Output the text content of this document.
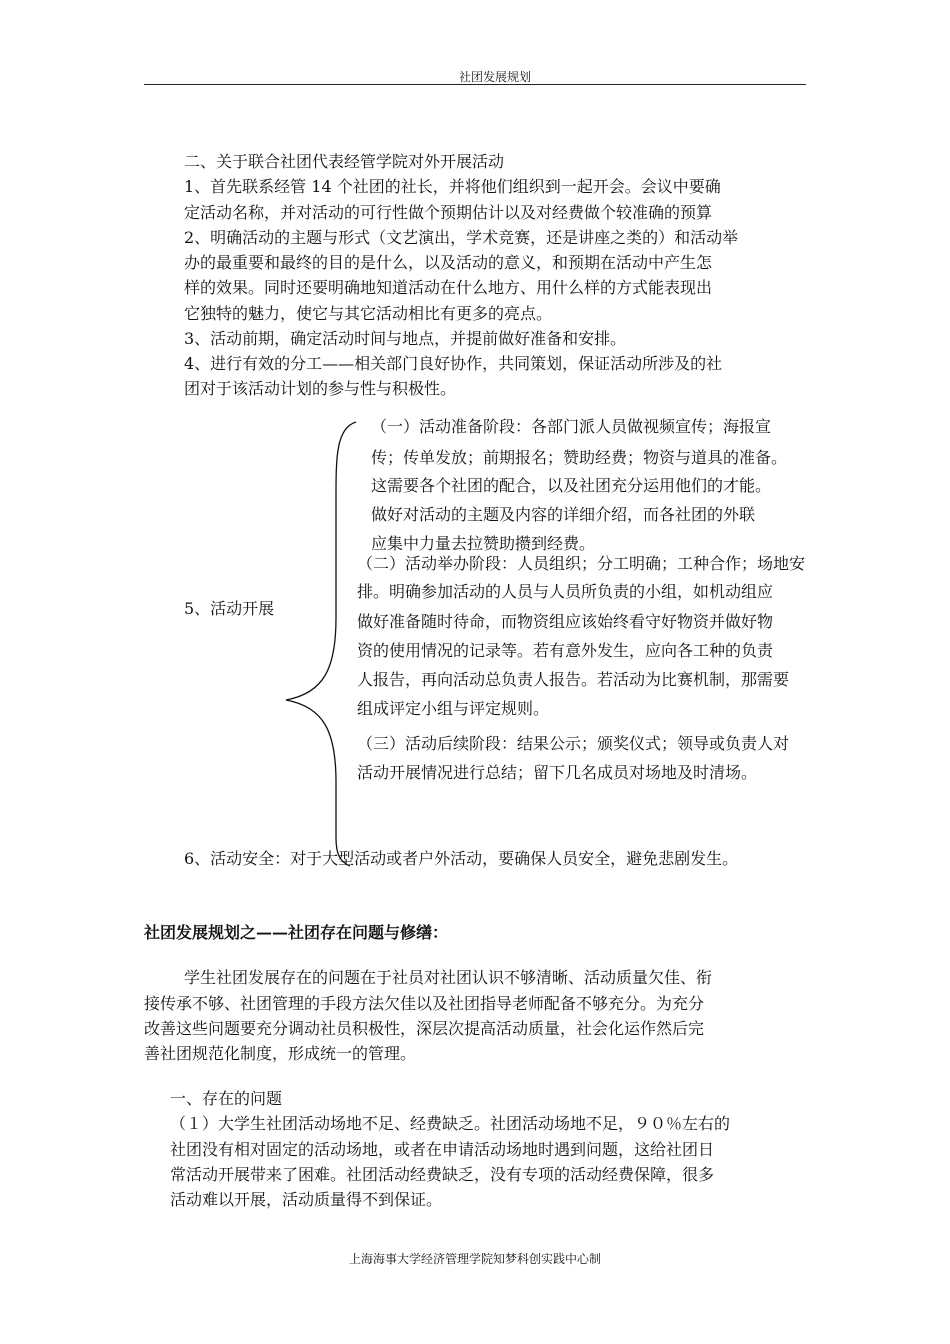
社团发展规划
二、关于联合社团代表经管学院对外开展活动
1、首先联系经管 14 个社团的社长，并将他们组织到一起开会。会议中要确
定活动名称，并对活动的可行性做个预期估计以及对经费做个较准确的预算
2、明确活动的主题与形式（文艺演出，学术竞赛，还是讲座之类的）和活动举
办的最重要和最终的目的是什么，以及活动的意义，和预期在活动中产生怎
样的效果。同时还要明确地知道活动在什么地方、用什么样的方式能表现出
它独特的魅力，使它与其它活动相比有更多的亮点。
3、活动前期，确定活动时间与地点，并提前做好准备和安排。
4、进行有效的分工——相关部门良好协作，共同策划，保证活动所涉及的社
团对于该活动计划的参与性与积极性。
5、活动开展
（一）活动准备阶段：各部门派人员做视频宣传；海报宣
传；传单发放；前期报名；赞助经费；物资与道具的准备。
这需要各个社团的配合，以及社团充分运用他们的才能。
做好对活动的主题及内容的详细介绍，而各社团的外联
应集中力量去拉赞助攒到经费。
（二）活动举办阶段：人员组织；分工明确；工种合作；场地安
排。明确参加活动的人员与人员所负责的小组，如机动组应
做好准备随时待命，而物资组应该始终看守好物资并做好物
资的使用情况的记录等。若有意外发生，应向各工种的负责
人报告，再向活动总负责人报告。若活动为比赛机制，那需要
组成评定小组与评定规则。
（三）活动后续阶段：结果公示；颁奖仪式；领导或负责人对
活动开展情况进行总结；留下几名成员对场地及时清场。
6、活动安全：对于大型活动或者户外活动，要确保人员安全，避免悲剧发生。
社团发展规划之——社团存在问题与修缮：
学生社团发展存在的问题在于社员对社团认识不够清晰、活动质量欠佳、衔
接传承不够、社团管理的手段方法欠佳以及社团指导老师配备不够充分。为充分
改善这些问题要充分调动社员积极性，深层次提高活动质量，社会化运作然后完
善社团规范化制度，形成统一的管理。
一、存在的问题
（１）大学生社团活动场地不足、经费缺乏。社团活动场地不足，９０％左右的
社团没有相对固定的活动场地，或者在申请活动场地时遇到问题，这给社团日
常活动开展带来了困难。社团活动经费缺乏，没有专项的活动经费保障，很多
活动难以开展，活动质量得不到保证。
上海海事大学经济管理学院知梦科创实践中心制
